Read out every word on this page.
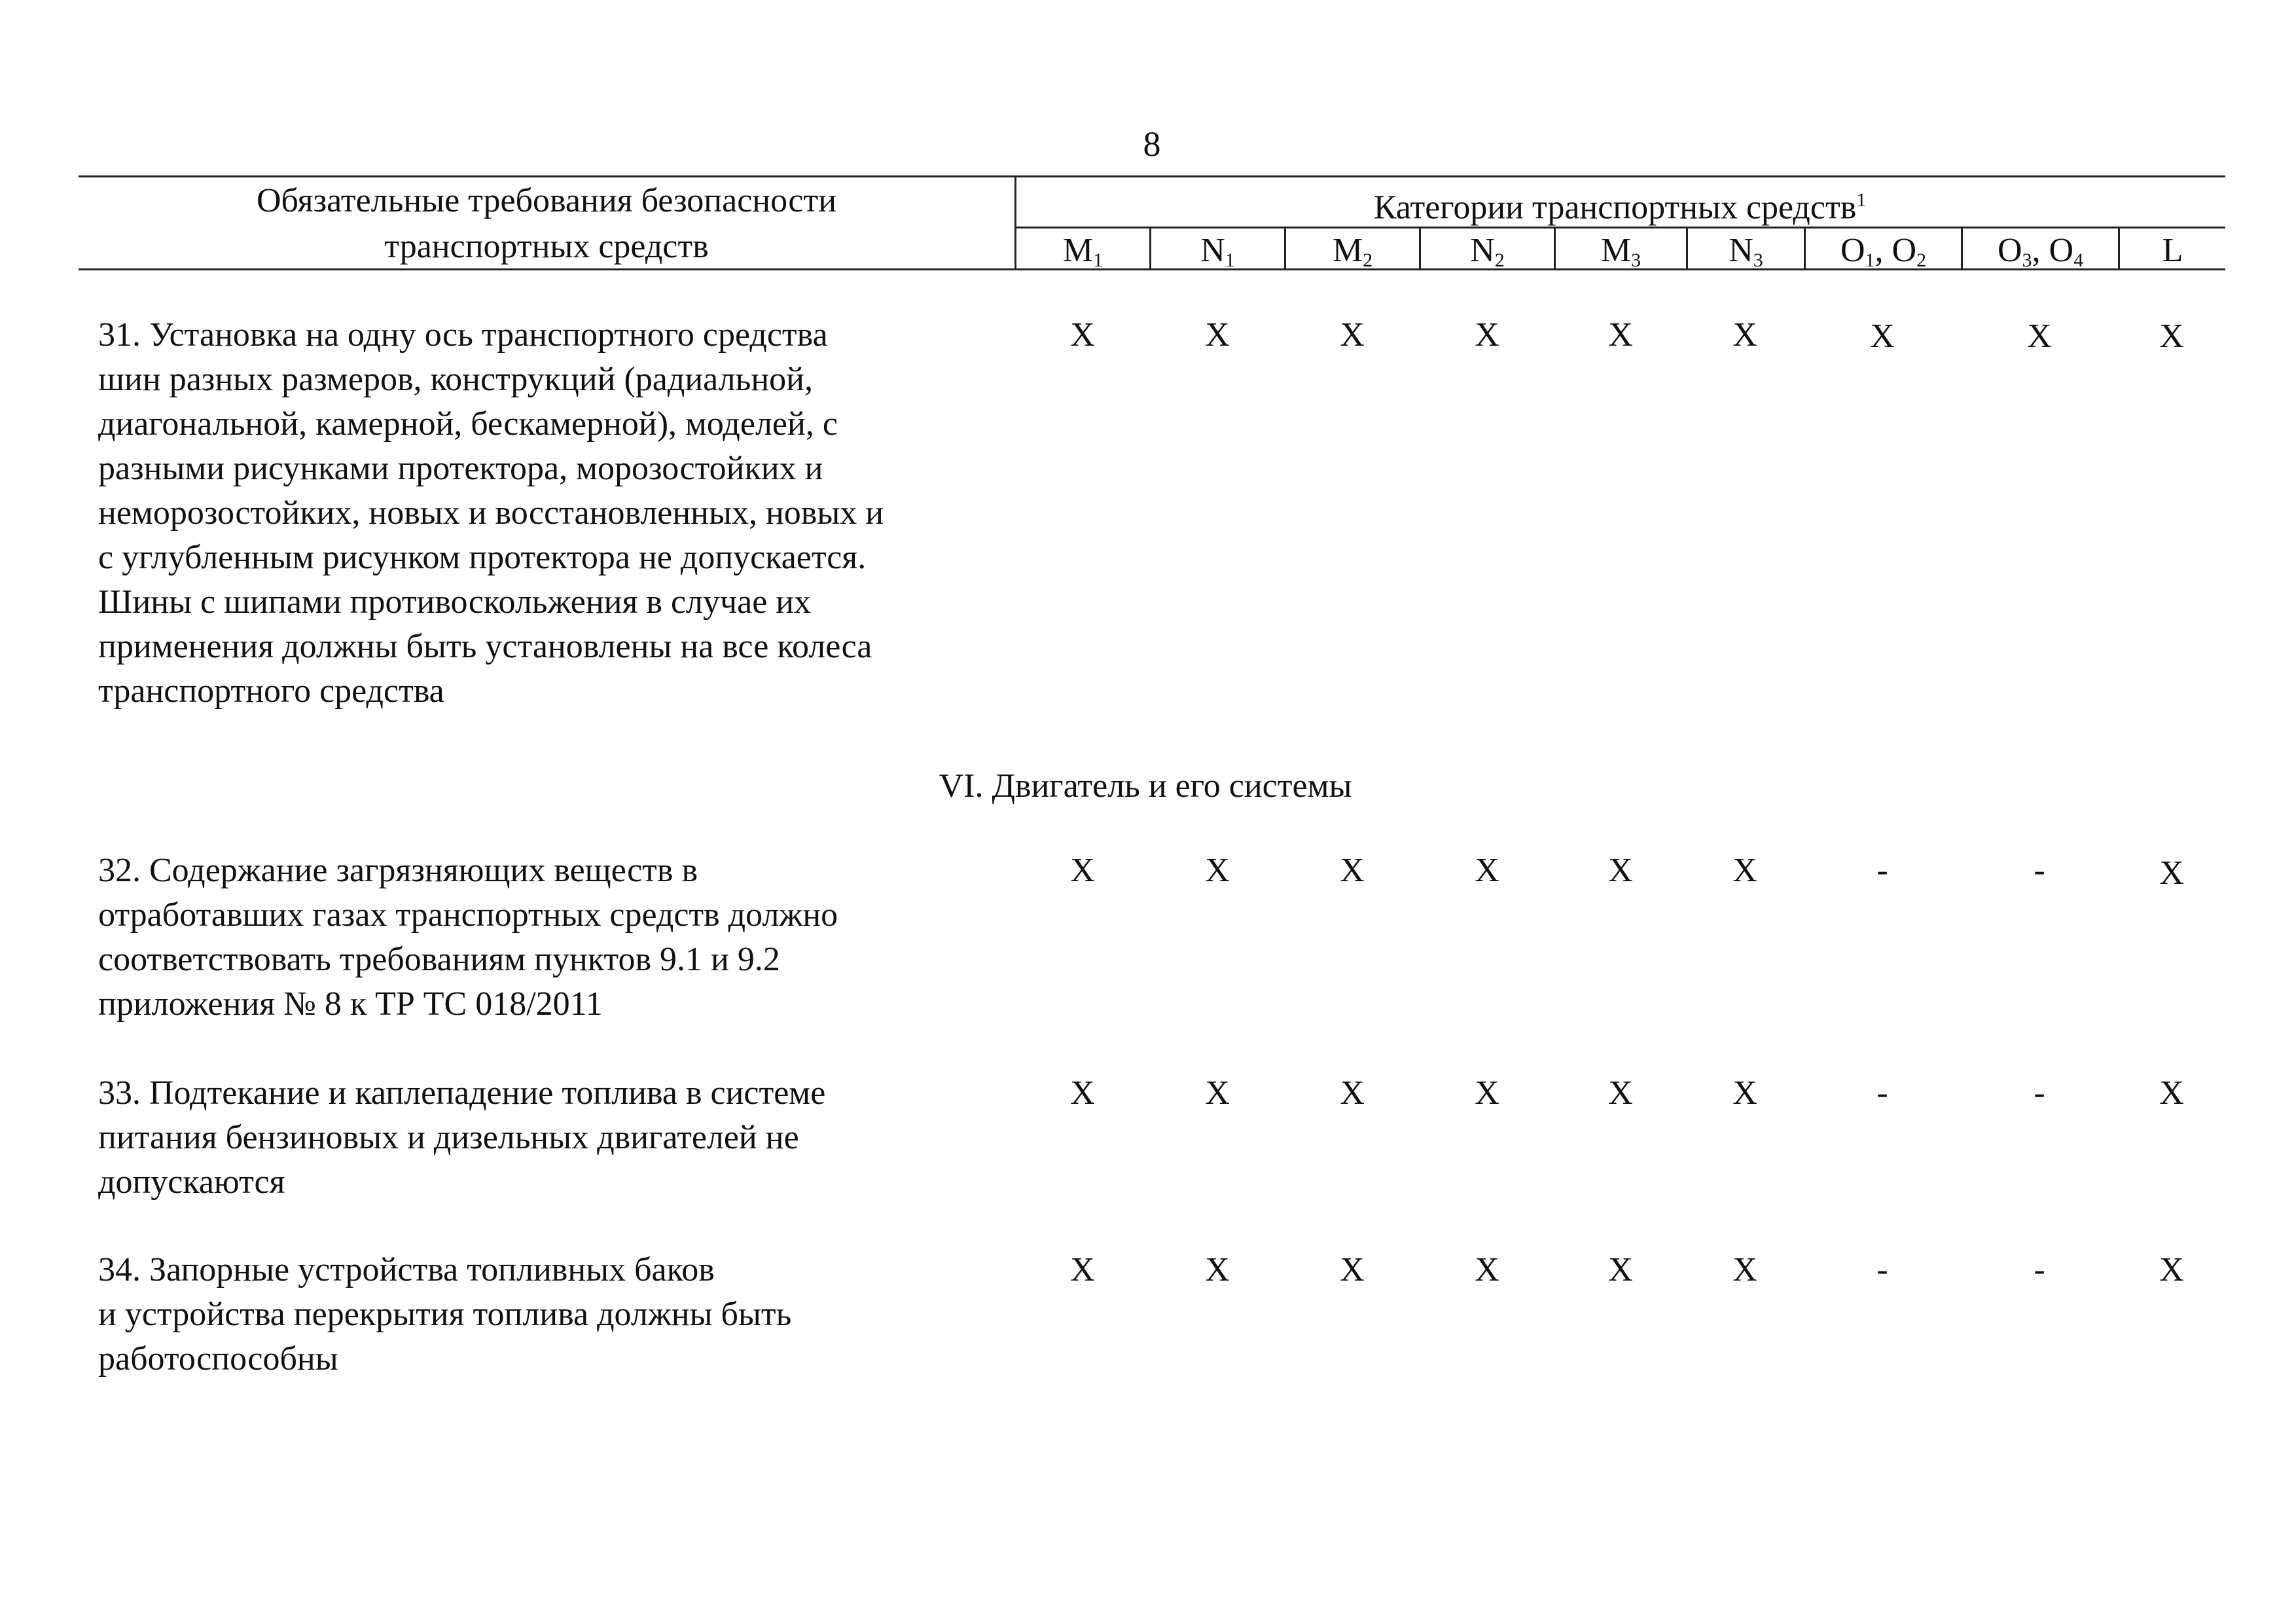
8
Обязательные требования безопасности
транспортных средств
Категории транспортных средств$^1$
$M_1$	$N_1$	$M_2$	$N_2$	$M_3$	$N_3$	$O_1$, $O_2$	$O_3$, $O_4$	L
31. Установка на одну ось транспортного средства
шин разных размеров, конструкций (радиальной,
диагональной, камерной, бескамерной), моделей, с
разными рисунками протектора, морозостойких и
неморозостойких, новых и восстановленных, новых и
с углубленным рисунком протектора не допускается.
Шины с шипами противоскольжения в случае их
применения должны быть установлены на все колеса
транспортного средства
X	X	X	X	X	X	X	X	X
VI. Двигатель и его системы
32. Содержание загрязняющих веществ в
отработавших газах транспортных средств должно
соответствовать требованиям пунктов 9.1 и 9.2
приложения № 8 к ТР ТС 018/2011
X	X	X	X	X	X	-	-	X
33. Подтекание и каплепадение топлива в системе
питания бензиновых и дизельных двигателей не
допускаются
X	X	X	X	X	X	-	-	X
34. Запорные устройства топливных баков
и устройства перекрытия топлива должны быть
работоспособны
X	X	X	X	X	X	-	-	X
